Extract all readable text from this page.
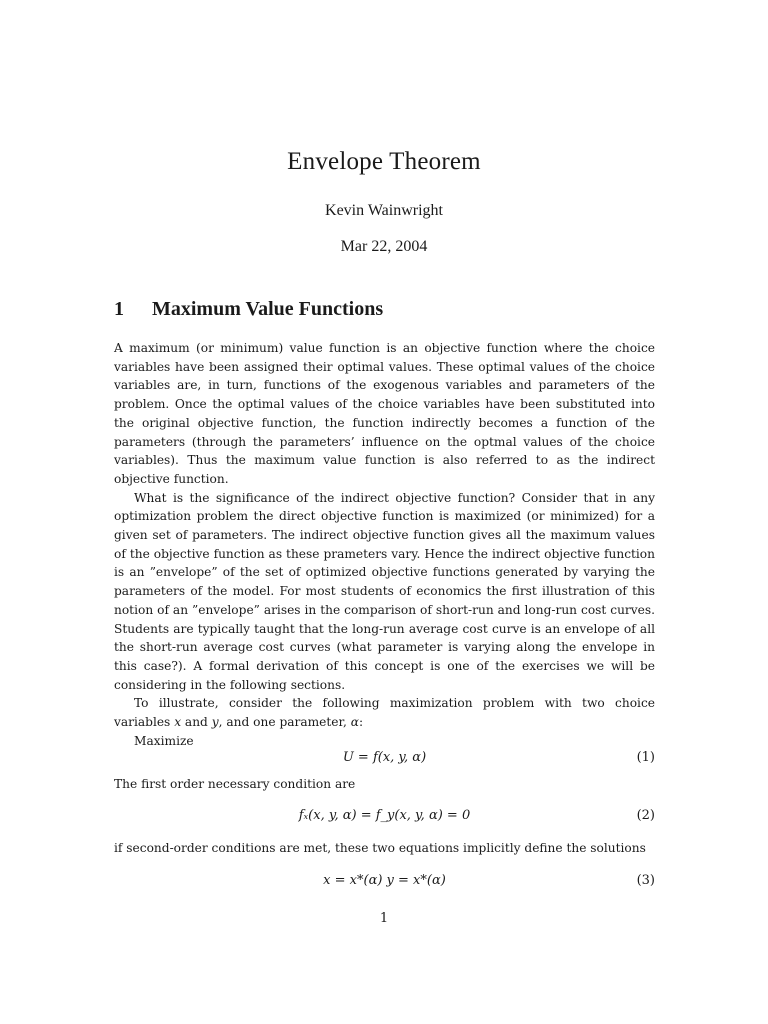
Envelope Theorem
Kevin Wainwright
Mar 22, 2004
1 Maximum Value Functions

A maximum (or minimum) value function is an objective function where the choice variables have been assigned their optimal values. These optimal values of the choice variables are, in turn, functions of the exogenous variables and parameters of the problem. Once the optimal values of the choice variables have been substituted into the original objective function, the function indirectly becomes a function of the parameters (through the parameters’ influence on the optmal values of the choice variables). Thus the maximum value function is also referred to as the indirect objective function.

What is the significance of the indirect objective function? Consider that in any optimization problem the direct objective function is maximized (or minimized) for a given set of parameters. The indirect objective function gives all the maximum values of the objective function as these prameters vary. Hence the indirect objective function is an ”envelope” of the set of optimized objective functions generated by varying the parameters of the model. For most students of economics the first illustration of this notion of an ”envelope” arises in the comparison of short-run and long-run cost curves. Students are typically taught that the long-run average cost curve is an envelope of all the short-run average cost curves (what parameter is varying along the envelope in this case?). A formal derivation of this concept is one of the exercises we will be considering in the following sections.

To illustrate, consider the following maximization problem with two choice variables x and y, and one parameter, α:

Maximize

U = f(x, y, α)	(1)
The first order necessary condition are
fₓ(x, y, α) = f_y(x, y, α) = 0	(2)
if second-order conditions are met, these two equations implicitly define the solutions
x = x*(α) y = x*(α)	(3)
1
